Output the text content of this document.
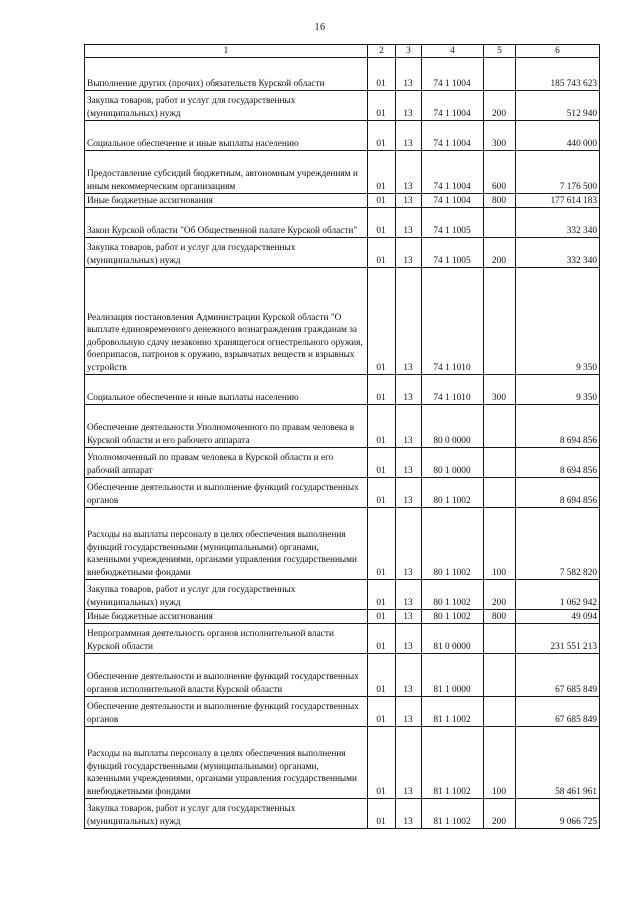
16
1	2	3	4	5	6
Выполнение других (прочих) обязательств Курской области	01	13	74 1 1004		185 743 623
Закупка товаров, работ и услуг для государственных (муниципальных) нужд	01	13	74 1 1004	200	512 940
Социальное обеспечение и иные выплаты населению	01	13	74 1 1004	300	440 000
Предоставление субсидий бюджетным, автономным учреждениям и иным некоммерческим организациям	01	13	74 1 1004	600	7 176 500
Иные бюджетные ассигнования	01	13	74 1 1004	800	177 614 183
Закон Курской области "Об Общественной палате Курской области"	01	13	74 1 1005		332 340
Закупка товаров, работ и услуг для государственных (муниципальных) нужд	01	13	74 1 1005	200	332 340
Реализация постановления Администрации Курской области "О выплате единовременного денежного вознаграждения гражданам за добровольную сдачу незаконно хранящегося огнестрельного оружия, боеприпасов, патронов к оружию, взрывчатых веществ и взрывных устройств	01	13	74 1 1010		9 350
Социальное обеспечение и иные выплаты населению	01	13	74 1 1010	300	9 350
Обеспечение деятельности Уполномоченного по правам человека в Курской области и его рабочего аппарата	01	13	80 0 0000		8 694 856
Уполномоченный по правам человека в Курской области и его рабочий аппарат	01	13	80 1 0000		8 694 856
Обеспечение деятельности и выполнение функций государственных органов	01	13	80 1 1002		8 694 856
Расходы на выплаты персоналу в целях обеспечения выполнения функций государственными (муниципальными) органами, казенными учреждениями, органами управления государственными внебюджетными фондами	01	13	80 1 1002	100	7 582 820
Закупка товаров, работ и услуг для государственных (муниципальных) нужд	01	13	80 1 1002	200	1 062 942
Иные бюджетные ассигнования	01	13	80 1 1002	800	49 094
Непрограммная деятельность органов исполнительной власти Курской области	01	13	81 0 0000		231 551 213
Обеспечение деятельности и выполнение функций государственных органов исполнительной власти Курской области	01	13	81 1 0000		67 685 849
Обеспечение деятельности и выполнение функций государственных органов	01	13	81 1 1002		67 685 849
Расходы на выплаты персоналу в целях обеспечения выполнения функций государственными (муниципальными) органами, казенными учреждениями, органами управления государственными внебюджетными фондами	01	13	81 1 1002	100	58 461 961
Закупка товаров, работ и услуг для государственных (муниципальных) нужд	01	13	81 1 1002	200	9 066 725
